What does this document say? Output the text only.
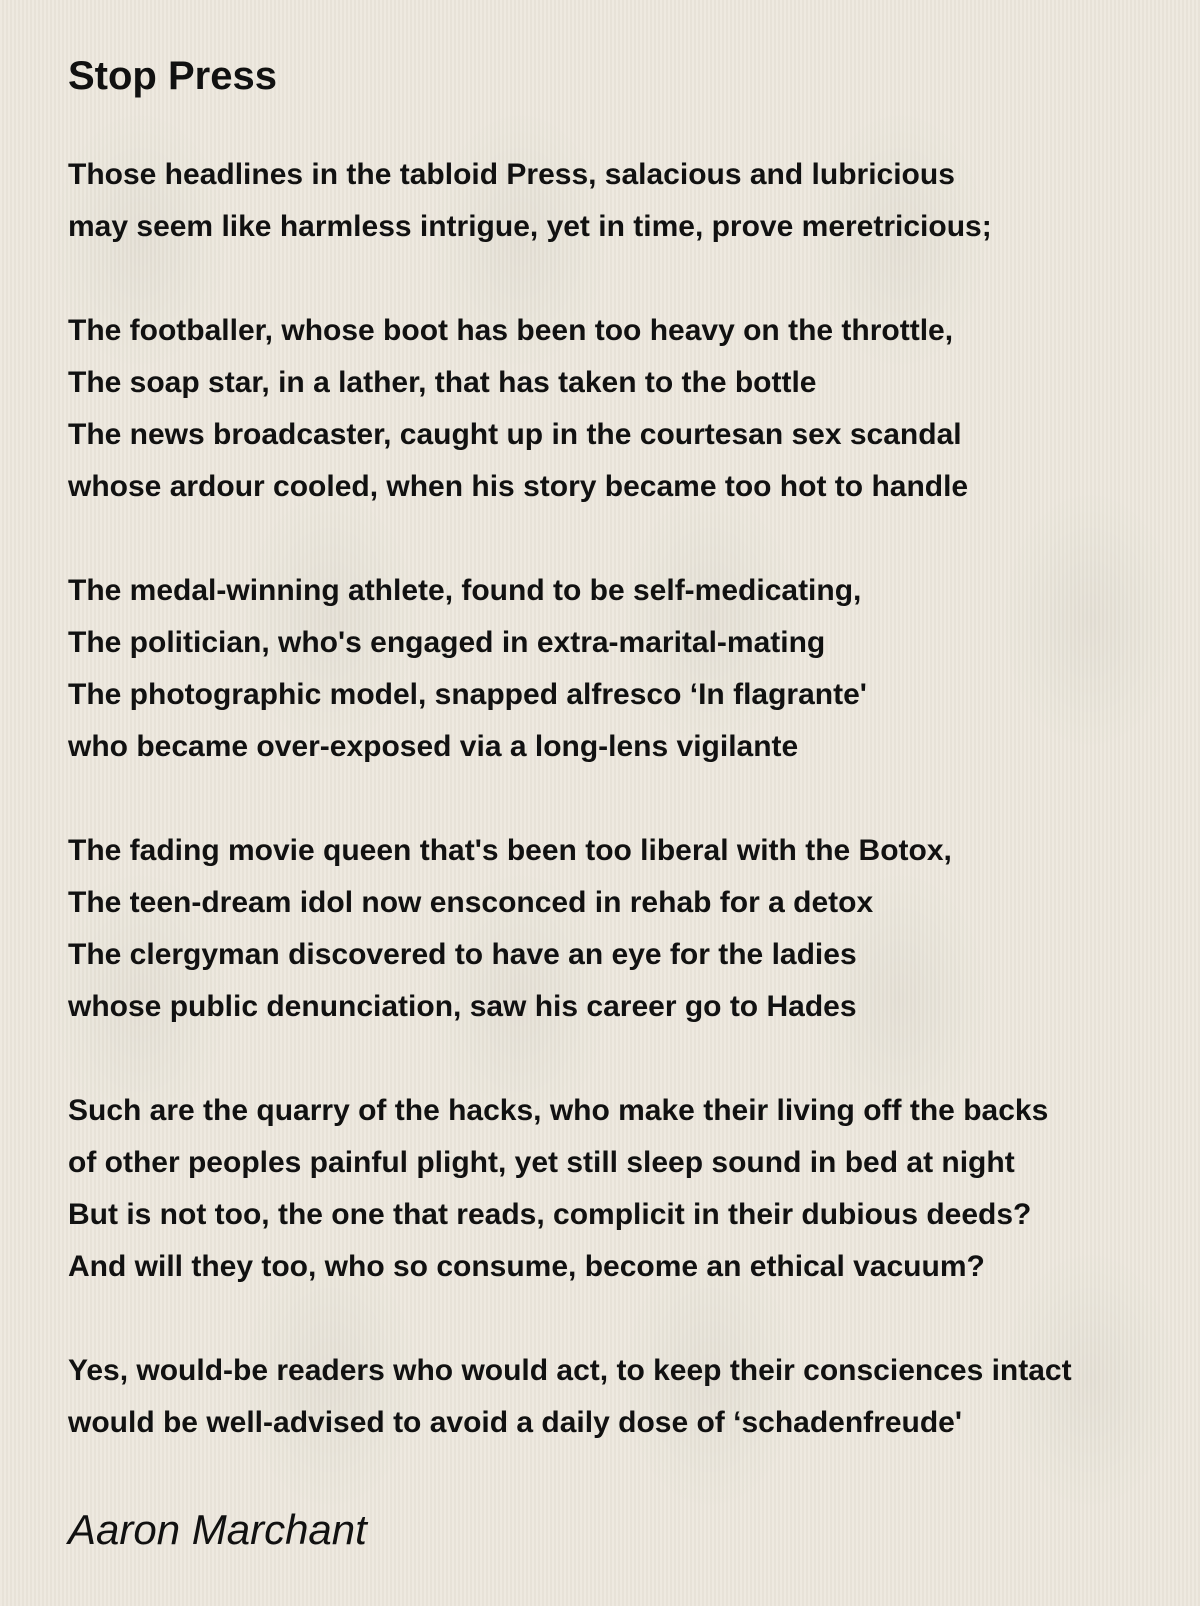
Stop Press
Those headlines in the tabloid Press, salacious and lubricious
may seem like harmless intrigue, yet in time, prove meretricious;
The footballer, whose boot has been too heavy on the throttle,
The soap star, in a lather, that has taken to the bottle
The news broadcaster, caught up in the courtesan sex scandal
whose ardour cooled, when his story became too hot to handle
The medal-winning athlete, found to be self-medicating,
The politician, who's engaged in extra-marital-mating
The photographic model, snapped alfresco ‘In flagrante'
who became over-exposed via a long-lens vigilante
The fading movie queen that's been too liberal with the Botox,
The teen-dream idol now ensconced in rehab for a detox
The clergyman discovered to have an eye for the ladies
whose public denunciation, saw his career go to Hades
Such are the quarry of the hacks, who make their living off the backs
of other peoples painful plight, yet still sleep sound in bed at night
But is not too, the one that reads, complicit in their dubious deeds?
And will they too, who so consume, become an ethical vacuum?
Yes, would-be readers who would act, to keep their consciences intact
would be well-advised to avoid a daily dose of ‘schadenfreude'
Aaron Marchant
